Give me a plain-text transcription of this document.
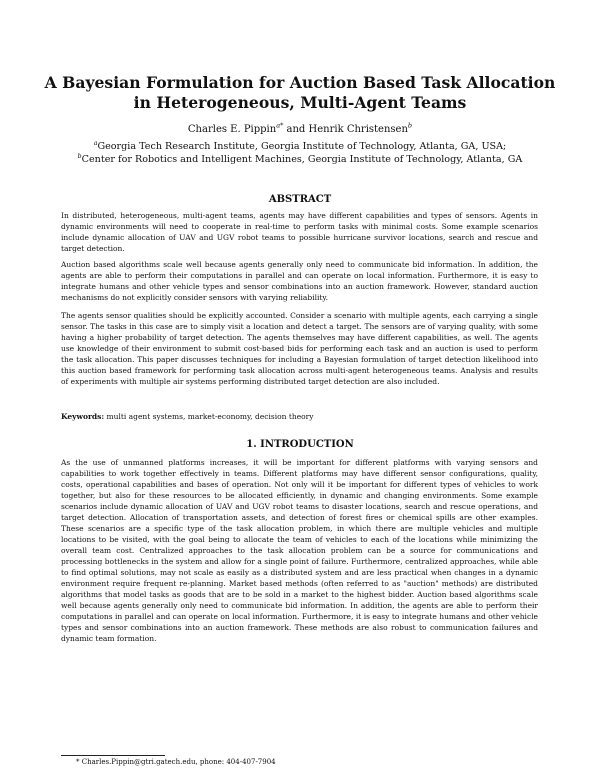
A Bayesian Formulation for Auction Based Task Allocation in Heterogeneous, Multi-Agent Teams
Charles E. Pippin$^{a*}$ and Henrik Christensen$^b$
$^a$Georgia Tech Research Institute, Georgia Institute of Technology, Atlanta, GA, USA;
$^b$Center for Robotics and Intelligent Machines, Georgia Institute of Technology, Atlanta, GA
ABSTRACT

In distributed, heterogeneous, multi-agent teams, agents may have different capabilities and types of sensors. Agents in dynamic environments will need to cooperate in real-time to perform tasks with minimal costs. Some example scenarios include dynamic allocation of UAV and UGV robot teams to possible hurricane survivor locations, search and rescue and target detection.

Auction based algorithms scale well because agents generally only need to communicate bid information. In addition, the agents are able to perform their computations in parallel and can operate on local information. Furthermore, it is easy to integrate humans and other vehicle types and sensor combinations into an auction framework. However, standard auction mechanisms do not explicitly consider sensors with varying reliability.

The agents sensor qualities should be explicitly accounted. Consider a scenario with multiple agents, each carrying a single sensor. The tasks in this case are to simply visit a location and detect a target. The sensors are of varying quality, with some having a higher probability of target detection. The agents themselves may have different capabilities, as well. The agents use knowledge of their environment to submit cost-based bids for performing each task and an auction is used to perform the task allocation. This paper discusses techniques for including a Bayesian formulation of target detection likelihood into this auction based framework for performing task allocation across multi-agent heterogeneous teams. Analysis and results of experiments with multiple air systems performing distributed target detection are also included.

Keywords: multi agent systems, market-economy, decision theory

1. INTRODUCTION

As the use of unmanned platforms increases, it will be important for different platforms with varying sensors and capabilities to work together effectively in teams. Different platforms may have different sensor configurations, quality, costs, operational capabilities and bases of operation. Not only will it be important for different types of vehicles to work together, but also for these resources to be allocated efficiently, in dynamic and changing environments. Some example scenarios include dynamic allocation of UAV and UGV robot teams to disaster locations, search and rescue operations, and target detection. Allocation of transportation assets, and detection of forest fires or chemical spills are other examples. These scenarios are a specific type of the task allocation problem, in which there are multiple vehicles and multiple locations to be visited, with the goal being to allocate the team of vehicles to each of the locations while minimizing the overall team cost. Centralized approaches to the task allocation problem can be a source for communications and processing bottlenecks in the system and allow for a single point of failure. Furthermore, centralized approaches, while able to find optimal solutions, may not scale as easily as a distributed system and are less practical when changes in a dynamic environment require frequent re-planning. Market based methods (often referred to as "auction" methods) are distributed algorithms that model tasks as goods that are to be sold in a market to the highest bidder. Auction based algorithms scale well because agents generally only need to communicate bid information. In addition, the agents are able to perform their computations in parallel and can operate on local information. Furthermore, it is easy to integrate humans and other vehicle types and sensor combinations into an auction framework. These methods are also robust to communication failures and dynamic team formation.

* Charles.Pippin@gtri.gatech.edu, phone: 404-407-7904
